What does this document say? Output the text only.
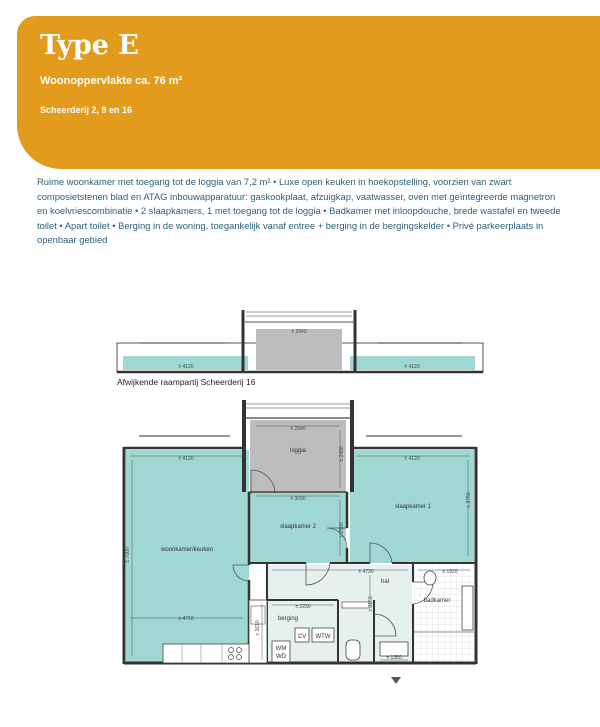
Type E
Woonoppervlakte ca. 76 m²
Scheerderij 2, 9 en 16

Ruime woonkamer met toegang tot de loggia van 7,2 m² • Luxe open keuken in hoekopstelling, voorzien van zwart composietstenen blad en ATAG inbouwapparatuur: gaskookplaat, afzuigkap, vaatwasser, oven met geïntegreerde magnetron en koelvriescombinatie • 2 slaapkamers, 1 met toegang tot de loggia • Badkamer met inloopdouche, brede wastafel en tweede toilet • Apart toilet • Berging in de woning, toegankelijk vanaf entree + berging in de bergingskelder • Privé parkeerplaats in openbaar gebied

± 2940
± 4120	± 4120
Afwijkende raampartij Scheerderij 16
loggia
slaapkamer 1
slaapkamer 2
woonkamer/keuken
hal
badkamer
berging
CV WTW
WM
WD
± 2940
± 4120	± 4120
± 3090
± 4710
± 4730	± 1920
± 2230
± 1350
± 7000
± 2400
± 3750
± 2500
± 1610
± 3160
